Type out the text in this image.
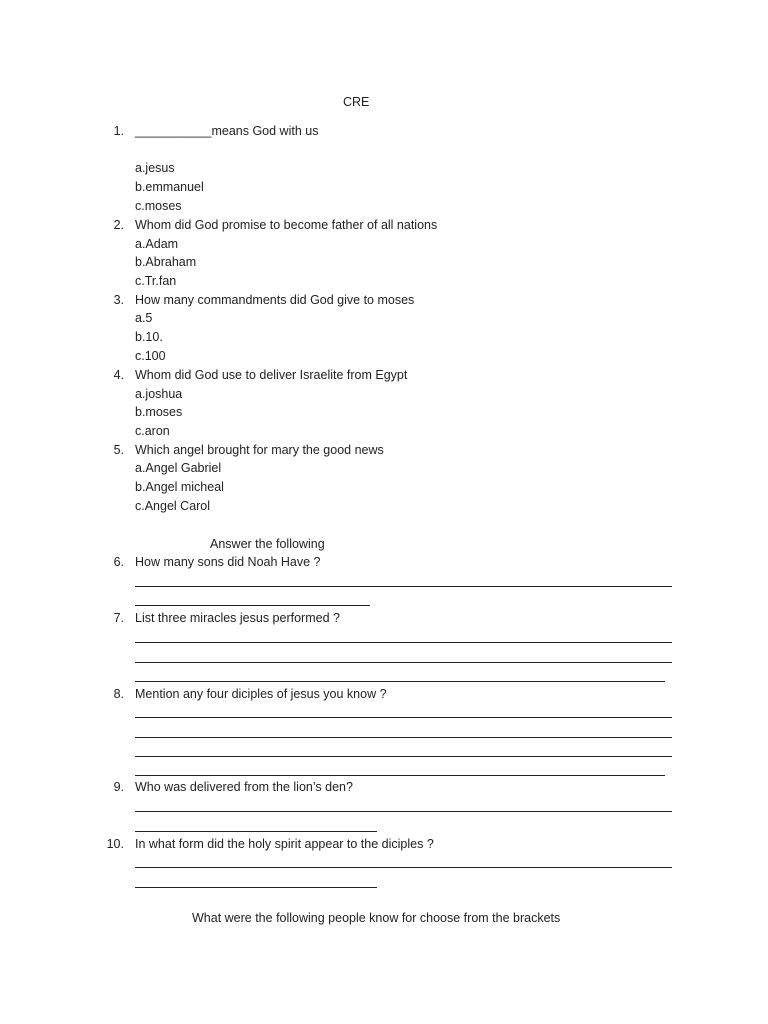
CRE
1. ___________means God with us
a.jesus
b.emmanuel
c.moses
2. Whom did God promise to become father of all nations
a.Adam
b.Abraham
c.Tr.fan
3. How many commandments did God give to moses
a.5
b.10.
c.100
4. Whom did God use to deliver Israelite from Egypt
a.joshua
b.moses
c.aron
5. Which angel brought for mary the good news
a.Angel Gabriel
b.Angel micheal
c.Angel Carol
Answer the following
6. How many sons did Noah Have ?
7. List three miracles jesus performed ?
8. Mention any four diciples of jesus you know ?
9. Who was delivered from the lion’s den?
10. In what form did the holy spirit appear to the diciples ?
What were the following people know for choose from the brackets
